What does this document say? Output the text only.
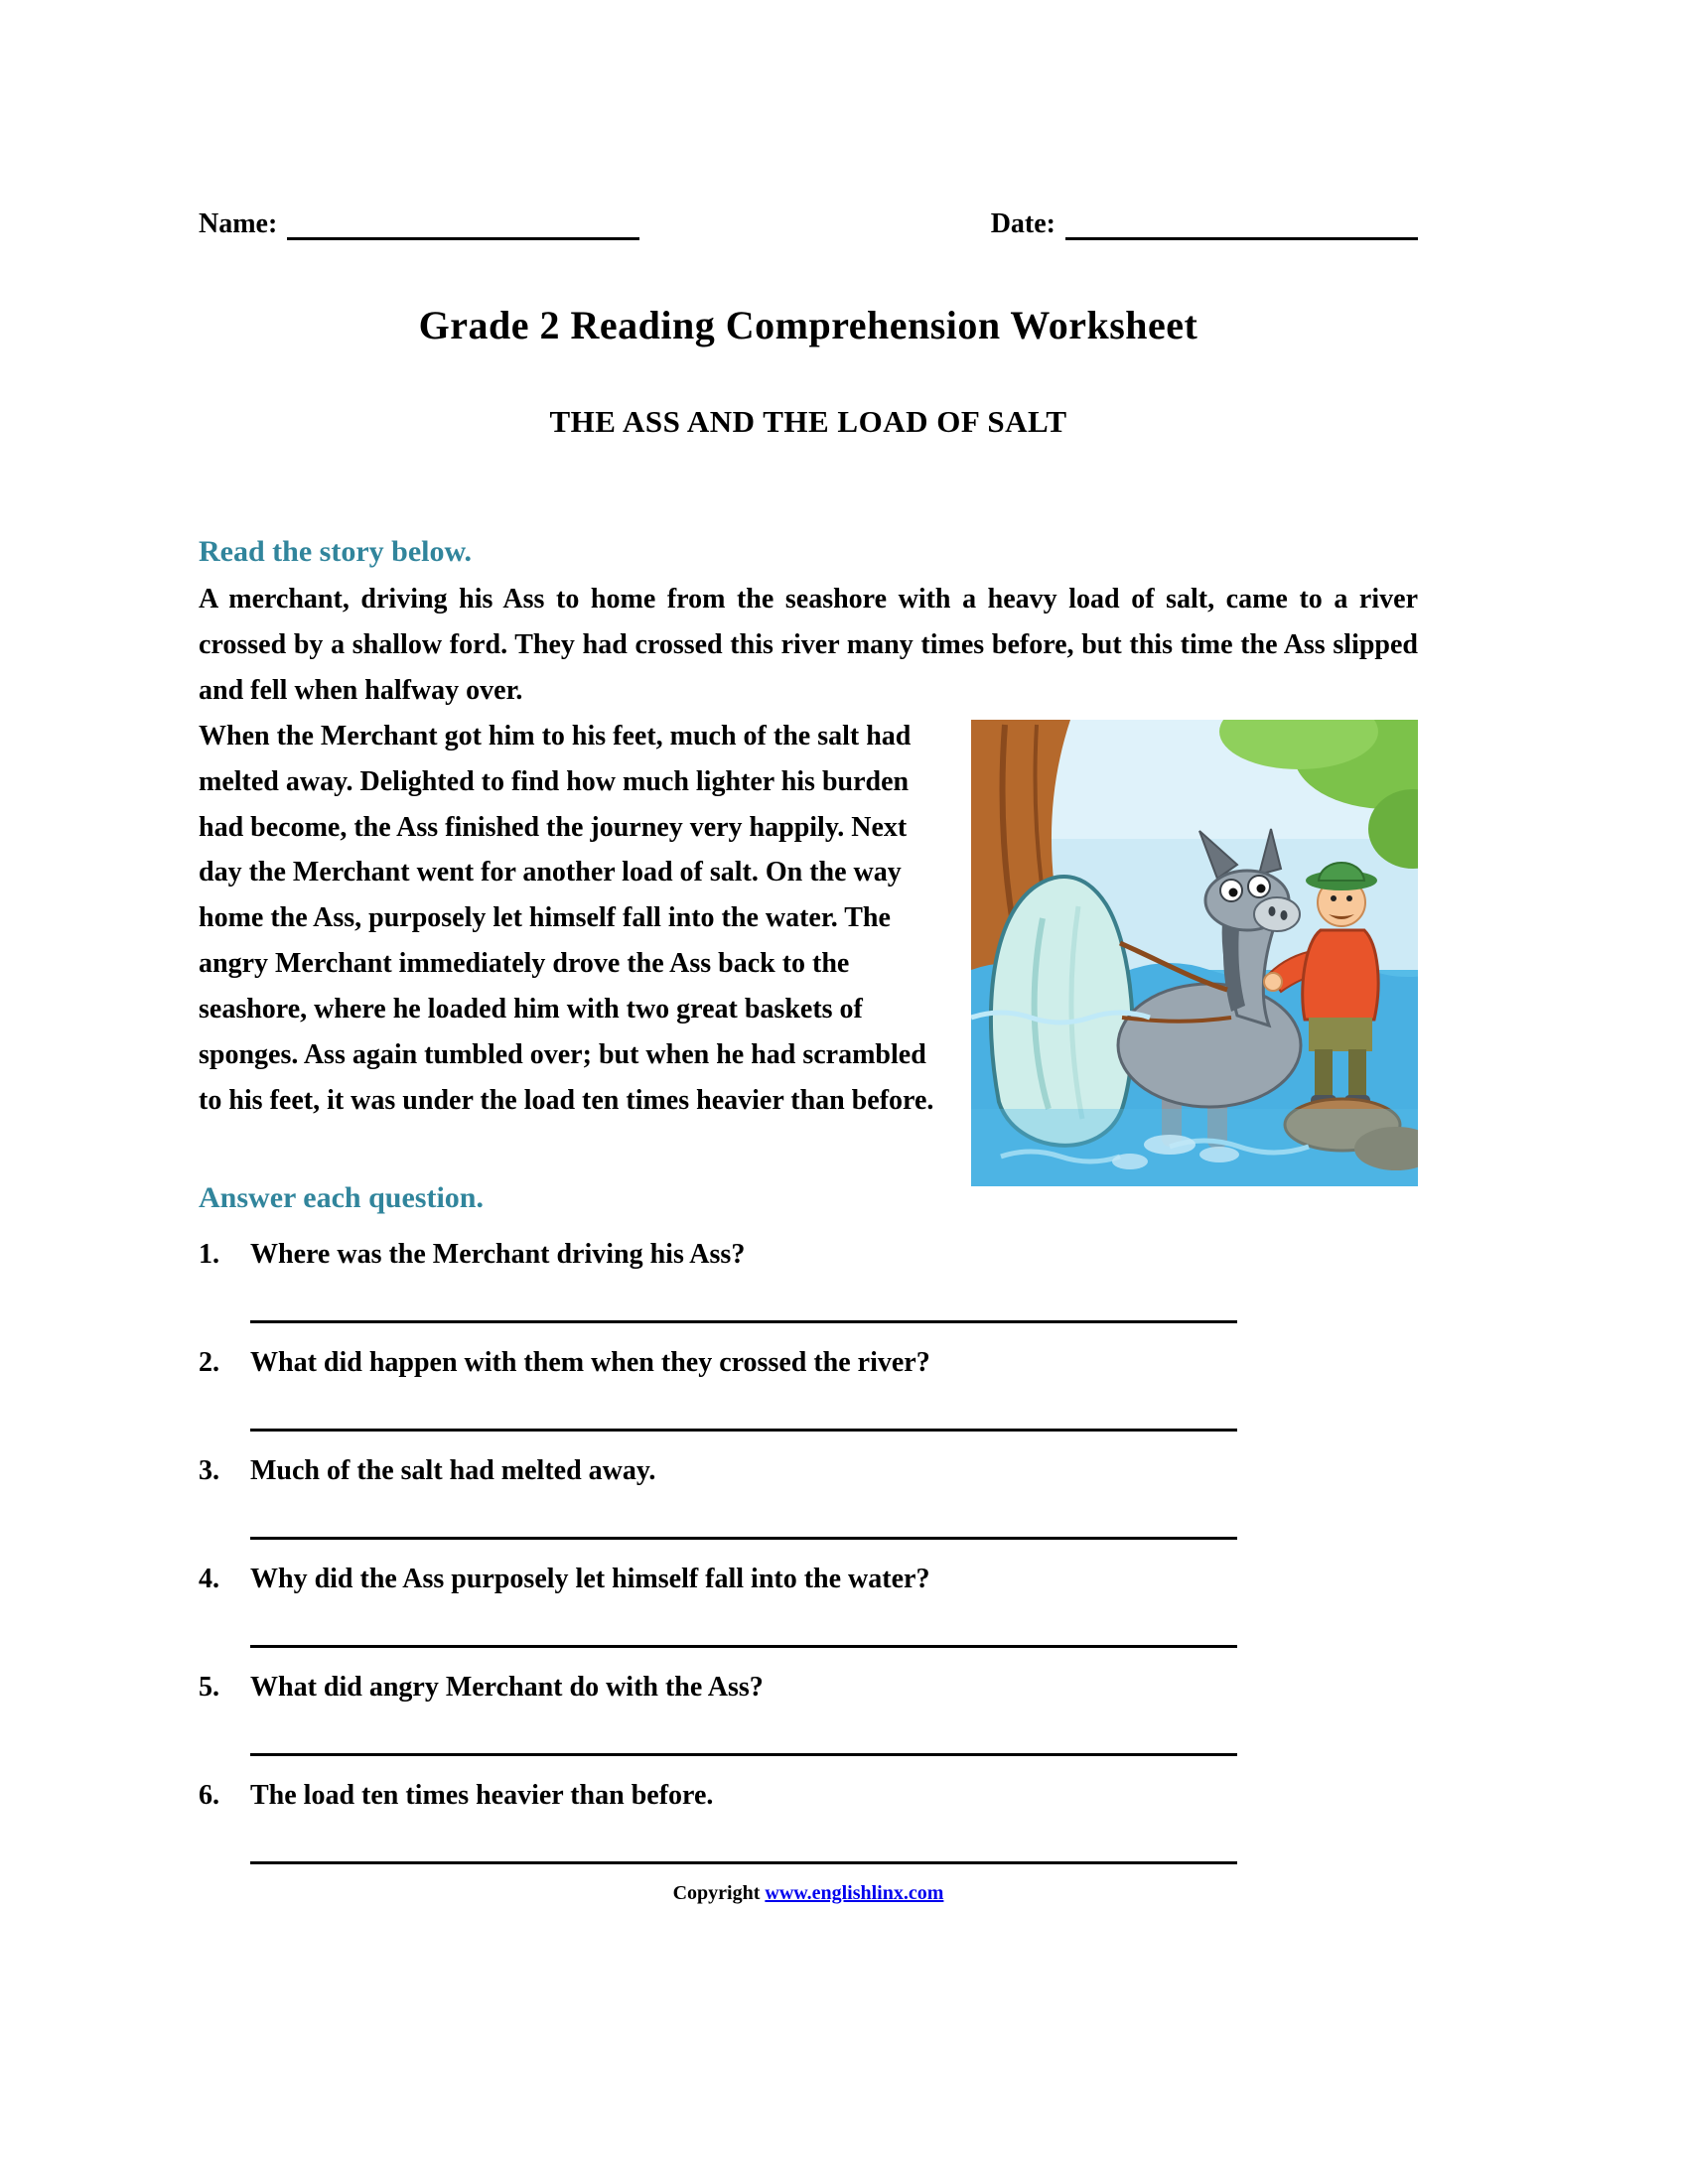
Name:	Date:
Grade 2 Reading Comprehension Worksheet
THE ASS AND THE LOAD OF SALT
Read the story below.

A merchant, driving his Ass to home from the seashore with a heavy load of salt, came to a river crossed by a shallow ford. They had crossed this river many times before, but this time the Ass slipped and fell when halfway over.

When the Merchant got him to his feet, much of the salt had melted away. Delighted to find how much lighter his burden had become, the Ass finished the journey very happily. Next day the Merchant went for another load of salt. On the way home the Ass, purposely let himself fall into the water. The angry Merchant immediately drove the Ass back to the seashore, where he loaded him with two great baskets of sponges. Ass again tumbled over; but when he had scrambled to his feet, it was under the load ten times heavier than before.

Answer each question.
1.	Where was the Merchant driving his Ass?
2.	What did happen with them when they crossed the river?
3.	Much of the salt had melted away.
4.	Why did the Ass purposely let himself fall into the water?
5.	What did angry Merchant do with the Ass?
6.	The load ten times heavier than before.
Copyright www.englishlinx.com
